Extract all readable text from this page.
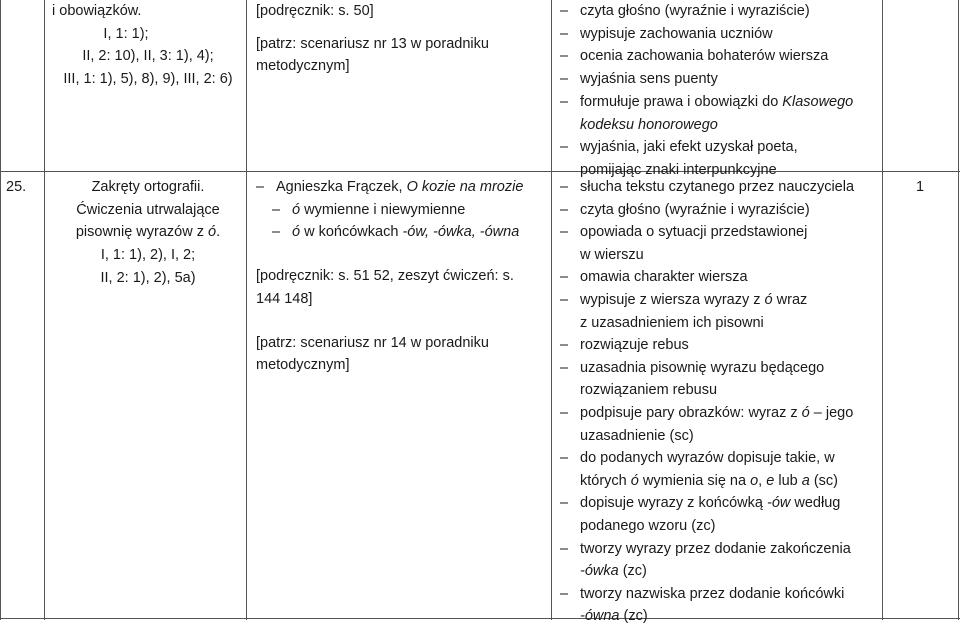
i obowiązków.

I, 1: 1);

II, 2: 10), II, 3: 1), 4);

III, 1: 1), 5), 8), 9), III, 2: 6)

[podręcznik: s. 50]

[patrz: scenariusz nr 13 w poradniku

metodycznym]

– czyta głośno (wyraźnie i wyraziście)
– wypisuje zachowania uczniów
– ocenia zachowania bohaterów wiersza
– wyjaśnia sens puenty
– formułuje prawa i obowiązki do Klasowego
kodeksu honorowego
– wyjaśnia, jaki efekt uzyskał poeta,
pomijając znaki interpunkcyjne
25.	Zakręty ortografii.

Ćwiczenia utrwalające

pisownię wyrazów z ó.

I, 1: 1), 2), I, 2;

II, 2: 1), 2), 5a)

– Agnieszka Frączek, O kozie na mrozie
– ó wymienne i niewymienne
– ó w końcówkach -ów, -ówka, -ówna

[podręcznik: s. 51 52, zeszyt ćwiczeń: s.

144 148]

[patrz: scenariusz nr 14 w poradniku

metodycznym]

– słucha tekstu czytanego przez nauczyciela
– czyta głośno (wyraźnie i wyraziście)
– opowiada o sytuacji przedstawionej
w wierszu
– omawia charakter wiersza
– wypisuje z wiersza wyrazy z ó wraz
z uzasadnieniem ich pisowni
– rozwiązuje rebus
– uzasadnia pisownię wyrazu będącego
rozwiązaniem rebusu
– podpisuje pary obrazków: wyraz z ó – jego
uzasadnienie (sc)
– do podanych wyrazów dopisuje takie, w
których ó wymienia się na o, e lub a (sc)
– dopisuje wyrazy z końcówką -ów według
podanego wzoru (zc)
– tworzy wyrazy przez dodanie zakończenia
-ówka (zc)
– tworzy nazwiska przez dodanie końcówki
-ówna (zc)
1
